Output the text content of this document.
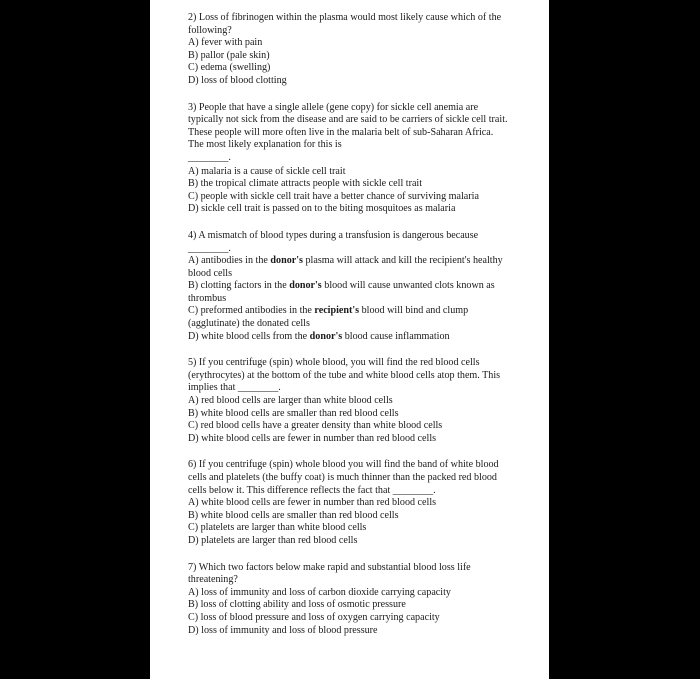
2) Loss of fibrinogen within the plasma would most likely cause which of the following?
A) fever with pain
B) pallor (pale skin)
C) edema (swelling)
D) loss of blood clotting
3) People that have a single allele (gene copy) for sickle cell anemia are typically not sick from the disease and are said to be carriers of sickle cell trait. These people will more often live in the malaria belt of sub-Saharan Africa. The most likely explanation for this is
________.
A) malaria is a cause of sickle cell trait
B) the tropical climate attracts people with sickle cell trait
C) people with sickle cell trait have a better chance of surviving malaria
D) sickle cell trait is passed on to the biting mosquitoes as malaria
4) A mismatch of blood types during a transfusion is dangerous because ________.
A) antibodies in the donor's plasma will attack and kill the recipient's healthy blood cells
B) clotting factors in the donor's blood will cause unwanted clots known as thrombus
C) preformed antibodies in the recipient's blood will bind and clump (agglutinate) the donated cells
D) white blood cells from the donor's blood cause inflammation
5) If you centrifuge (spin) whole blood, you will find the red blood cells (erythrocytes) at the bottom of the tube and white blood cells atop them. This implies that ________.
A) red blood cells are larger than white blood cells
B) white blood cells are smaller than red blood cells
C) red blood cells have a greater density than white blood cells
D) white blood cells are fewer in number than red blood cells
6) If you centrifuge (spin) whole blood you will find the band of white blood cells and platelets (the buffy coat) is much thinner than the packed red blood cells below it. This difference reflects the fact that ________.
A) white blood cells are fewer in number than red blood cells
B) white blood cells are smaller than red blood cells
C) platelets are larger than white blood cells
D) platelets are larger than red blood cells
7) Which two factors below make rapid and substantial blood loss life threatening?
A) loss of immunity and loss of carbon dioxide carrying capacity
B) loss of clotting ability and loss of osmotic pressure
C) loss of blood pressure and loss of oxygen carrying capacity
D) loss of immunity and loss of blood pressure
